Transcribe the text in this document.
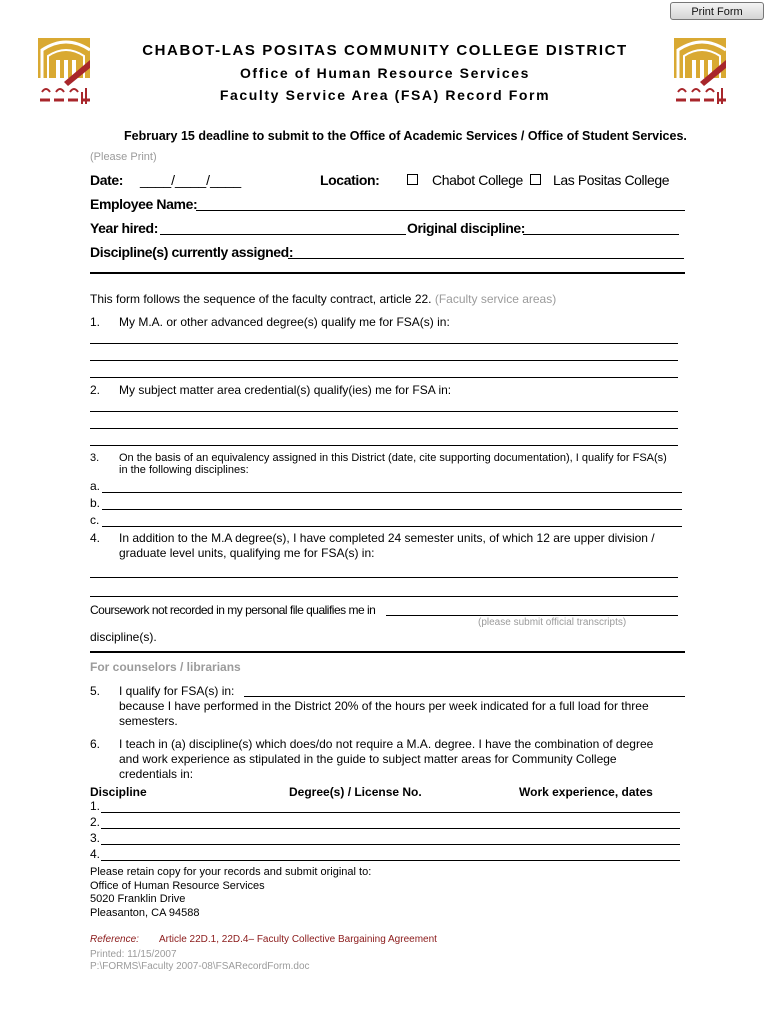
Print Form
CHABOT-LAS POSITAS COMMUNITY COLLEGE DISTRICT
Office of Human Resource Services
Faculty Service Area (FSA) Record Form
February 15 deadline to submit to the Office of Academic Services / Office of Student Services.
(Please Print)
Date: ____/____/____	Location:	Chabot College Las Positas College
Employee Name:
Year hired:	Original discipline:
Discipline(s) currently assigned:
This form follows the sequence of the faculty contract, article 22. (Faculty service areas)
1. My M.A. or other advanced degree(s) qualify me for FSA(s) in:
2. My subject matter area credential(s) qualify(ies) me for FSA in:
3. On the basis of an equivalency assigned in this District (date, cite supporting documentation), I qualify for FSA(s)
in the following disciplines:
a.
b.
c.
4. In addition to the M.A degree(s), I have completed 24 semester units, of which 12 are upper division /
graduate level units, qualifying me for FSA(s) in:
Coursework not recorded in my personal file qualifies me in
(please submit official transcripts)
discipline(s).
For counselors / librarians
5. I qualify for FSA(s) in:
because I have performed in the District 20% of the hours per week indicated for a full load for three
semesters.
6. I teach in (a) discipline(s) which does/do not require a M.A. degree. I have the combination of degree
and work experience as stipulated in the guide to subject matter areas for Community College
credentials in:
Discipline	Degree(s) / License No.	Work experience, dates
1.
2.
3.
4.
Please retain copy for your records and submit original to:
Office of Human Resource Services
5020 Franklin Drive
Pleasanton, CA 94588
Reference: Article 22D.1, 22D.4– Faculty Collective Bargaining Agreement
Printed: 11/15/2007
P:\FORMS\Faculty 2007-08\FSARecordForm.doc
